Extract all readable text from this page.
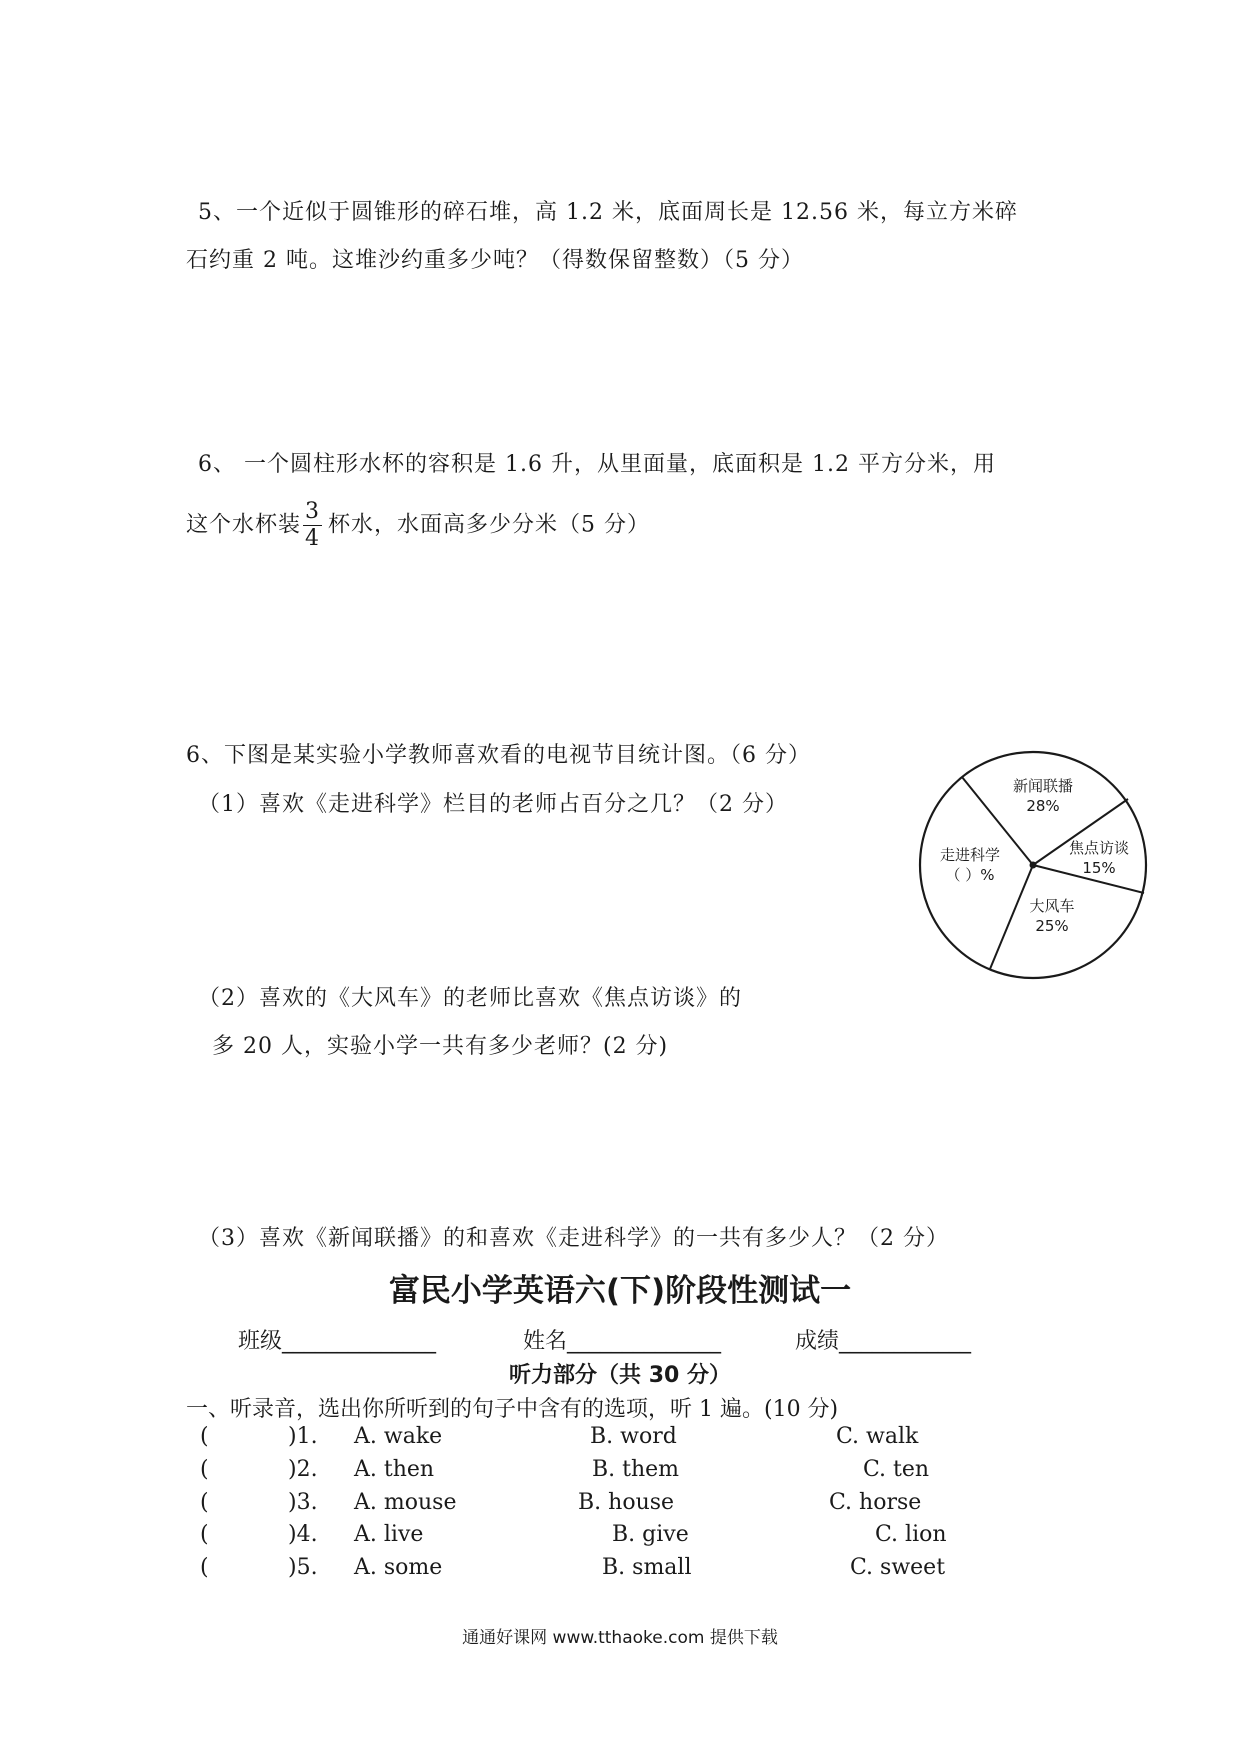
5、一个近似于圆锥形的碎石堆，高 1.2 米，底面周长是 12.56 米，每立方米碎
石约重 2 吨。这堆沙约重多少吨？（得数保留整数）（5 分）
6、 一个圆柱形水杯的容积是 1.6 升，从里面量，底面积是 1.2 平方分米，用
这个水杯装 $\frac{3}{4}$ 杯水，水面高多少分米（5 分）
6、下图是某实验小学教师喜欢看的电视节目统计图。（6 分）
（1）喜欢《走进科学》栏目的老师占百分之几？（2 分）
（2）喜欢的《大风车》的老师比喜欢《焦点访谈》的
多 20 人，实验小学一共有多少老师？(2 分)
（3）喜欢《新闻联播》的和喜欢《走进科学》的一共有多少人？（2 分）
新闻联播
28%
焦点访谈
15%
大风车
25%
走进科学
（ ）%
富民小学英语六(下)阶段性测试一
班级______________	姓名______________	成绩____________
听力部分（共 30 分）
一、听录音，选出你所听到的句子中含有的选项，听 1 遍。(10 分)
(	)1. A. wake	B. word	C. walk
(	)2. A. then	B. them	C. ten
(	)3. A. mouse	B. house	C. horse
(	)4. A. live	B. give	C. lion
(	)5. A. some	B. small	C. sweet
通通好课网 www.tthaoke.com 提供下载
